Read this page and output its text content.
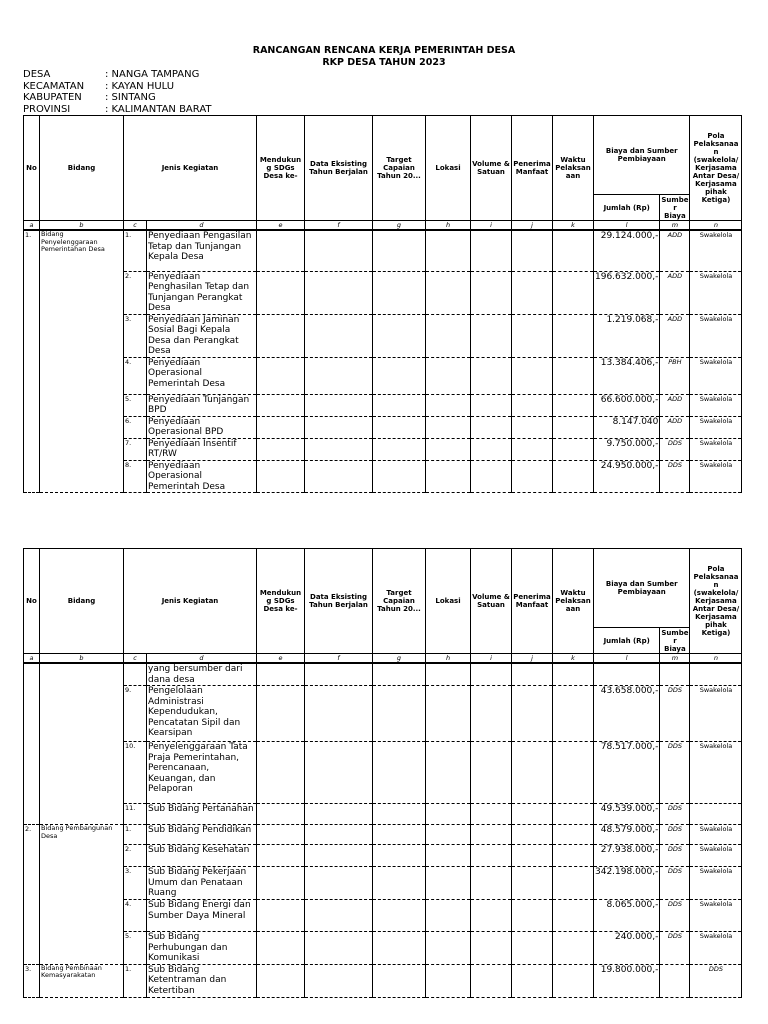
RANCANGAN RENCANA KERJA PEMERINTAH DESA
RKP DESA TAHUN 2023
DESA	: NANGA TAMPANG
KECAMATAN	: KAYAN HULU
KABUPATEN	: SINTANG
PROVINSI	: KALIMANTAN BARAT
No	Bidang	Jenis Kegiatan		Mendukun g SDGs Desa ke-	Data Eksisting Tahun Berjalan	Target Capaian Tahun 20...	Lokasi	Volume & Satuan	Penerima Manfaat	Waktu Pelaksan aan	Biaya dan Sumber Pembiayaan		Pola Pelaksanaa n (swakelola/ Kerjasama Antar Desa/ Kerjasama pihak Ketiga)
											Jumlah (Rp)	Sumbe r Biaya	
a	b	c	d	e	f	g	h	i	j	k	l	m	n
1.	Bidang Penyelenggaraan Pemerintahan Desa	1.	Penyediaan Pengasilan Tetap dan Tunjangan Kepala Desa								29.124.000,-	ADD	Swakelola
		2.	Penyediaan Penghasilan Tetap dan Tunjangan Perangkat Desa								196.632.000,-	ADD	Swakelola
		3.	Penyediaan Jaminan Sosial Bagi Kepala Desa dan Perangkat Desa								1.219.068,-	ADD	Swakelola
		4.	Penyediaan Operasional Pemerintah Desa								13.384.406,-	PBH	Swakelola
		5.	Penyediaan Tunjangan BPD								66.600.000,-	ADD	Swakelola
		6.	Penyediaan Operasional BPD								8.147.040	ADD	Swakelola
		7.	Penyediaan Insentif RT/RW								9.750.000,-	DDS	Swakelola
		8.	Penyediaan Operasional Pemerintah Desa								24.950.000,-	DDS	Swakelola
No	Bidang	Jenis Kegiatan		Mendukun g SDGs Desa ke-	Data Eksisting Tahun Berjalan	Target Capaian Tahun 20...	Lokasi	Volume & Satuan	Penerima Manfaat	Waktu Pelaksan aan	Biaya dan Sumber Pembiayaan		Pola Pelaksanaa n (swakelola/ Kerjasama Antar Desa/ Kerjasama pihak Ketiga)
											Jumlah (Rp)	Sumbe r Biaya	
a	b	c	d	e	f	g	h	i	j	k	l	m	n
			yang bersumber dari dana desa										
		9.	Pengelolaan Administrasi Kependudukan, Pencatatan Sipil dan Kearsipan								43.658.000,-	DDS	Swakelola
		10.	Penyelenggaraan Tata Praja Pemerintahan, Perencanaan, Keuangan, dan Pelaporan								78.517.000,-	DDS	Swakelola
		11.	Sub Bidang Pertanahan								49.539.000,-	DDS	
2.	Bidang Pembangunan Desa	1.	Sub Bidang Pendidikan								48.579.000,-	DDS	Swakelola
		2.	Sub Bidang Kesehatan								27.938.000,-	DDS	Swakelola
		3.	Sub Bidang Pekerjaan Umum dan Penataan Ruang								342.198.000,-	DDS	Swakelola
		4.	Sub Bidang Energi dan Sumber Daya Mineral								8.065.000,-	DDS	Swakelola
		5.	Sub Bidang Perhubungan dan Komunikasi								240.000,-	DDS	Swakelola
3.	Bidang Pembinaan Kemasyarakatan	1.	Sub Bidang Ketentraman dan Ketertiban								19.800.000,-		DDS
